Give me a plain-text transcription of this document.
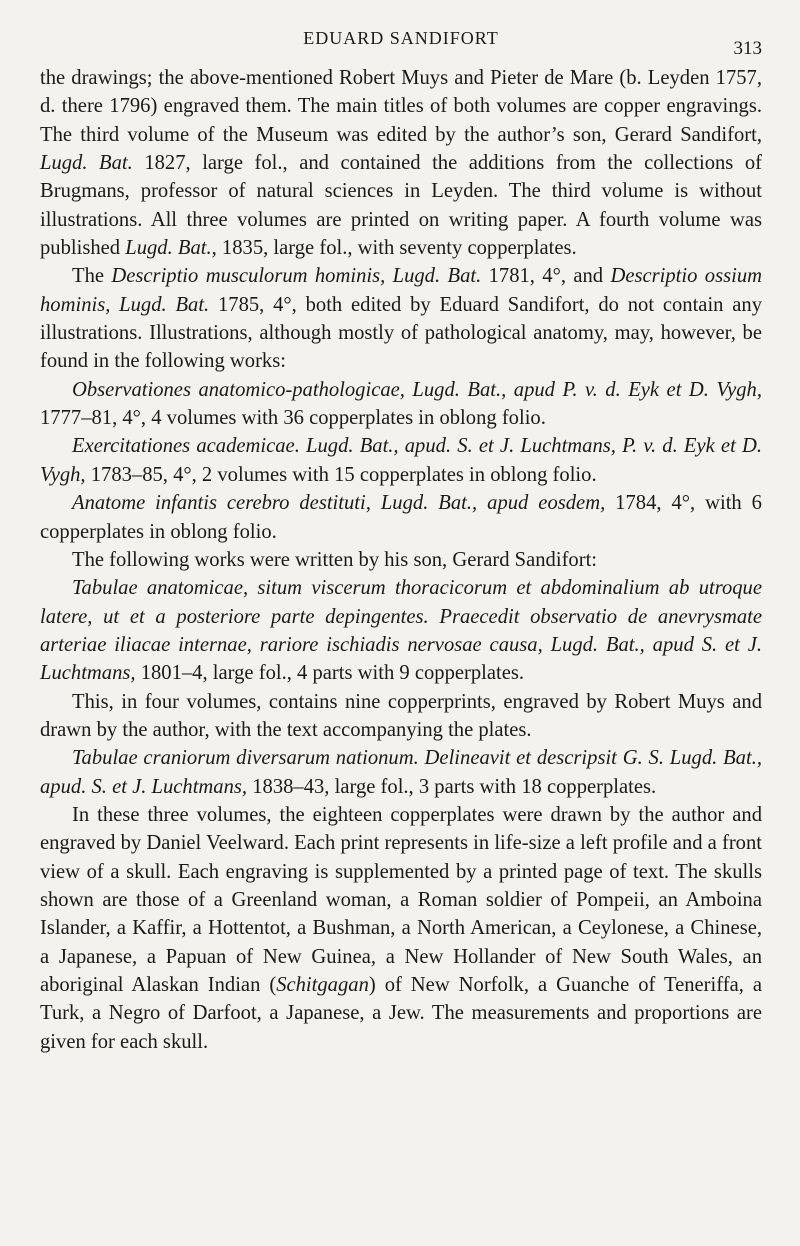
EDUARD SANDIFORT	313

the drawings; the above-mentioned Robert Muys and Pieter de Mare (b. Leyden 1757, d. there 1796) engraved them. The main titles of both volumes are copper engravings. The third volume of the Museum was edited by the author’s son, Gerard Sandifort, Lugd. Bat. 1827, large fol., and contained the additions from the collections of Brugmans, professor of natural sciences in Leyden. The third volume is without illustrations. All three volumes are printed on writing paper. A fourth volume was published Lugd. Bat., 1835, large fol., with seventy copperplates.

The Descriptio musculorum hominis, Lugd. Bat. 1781, 4°, and Descriptio ossium hominis, Lugd. Bat. 1785, 4°, both edited by Eduard Sandifort, do not contain any illustrations. Illustrations, although mostly of pathological anatomy, may, however, be found in the following works:

Observationes anatomico-pathologicae, Lugd. Bat., apud P. v. d. Eyk et D. Vygh, 1777–81, 4°, 4 volumes with 36 copperplates in oblong folio.

Exercitationes academicae. Lugd. Bat., apud. S. et J. Luchtmans, P. v. d. Eyk et D. Vygh, 1783–85, 4°, 2 volumes with 15 copperplates in oblong folio.

Anatome infantis cerebro destituti, Lugd. Bat., apud eosdem, 1784, 4°, with 6 copperplates in oblong folio.

The following works were written by his son, Gerard Sandifort:

Tabulae anatomicae, situm viscerum thoracicorum et abdominalium ab utroque latere, ut et a posteriore parte depingentes. Praecedit observatio de anevrysmate arteriae iliacae internae, rariore ischiadis nervosae causa, Lugd. Bat., apud S. et J. Luchtmans, 1801–4, large fol., 4 parts with 9 copperplates.

This, in four volumes, contains nine copperprints, engraved by Robert Muys and drawn by the author, with the text accompanying the plates.

Tabulae craniorum diversarum nationum. Delineavit et descripsit G. S. Lugd. Bat., apud. S. et J. Luchtmans, 1838–43, large fol., 3 parts with 18 copperplates.

In these three volumes, the eighteen copperplates were drawn by the author and engraved by Daniel Veelward. Each print represents in life-size a left profile and a front view of a skull. Each engraving is supplemented by a printed page of text. The skulls shown are those of a Greenland woman, a Roman soldier of Pompeii, an Amboina Islander, a Kaffir, a Hottentot, a Bushman, a North American, a Ceylonese, a Chinese, a Japanese, a Papuan of New Guinea, a New Hollander of New South Wales, an aboriginal Alaskan Indian (Schitgagan) of New Norfolk, a Guanche of Teneriffa, a Turk, a Negro of Darfoot, a Japanese, a Jew. The measurements and proportions are given for each skull.
